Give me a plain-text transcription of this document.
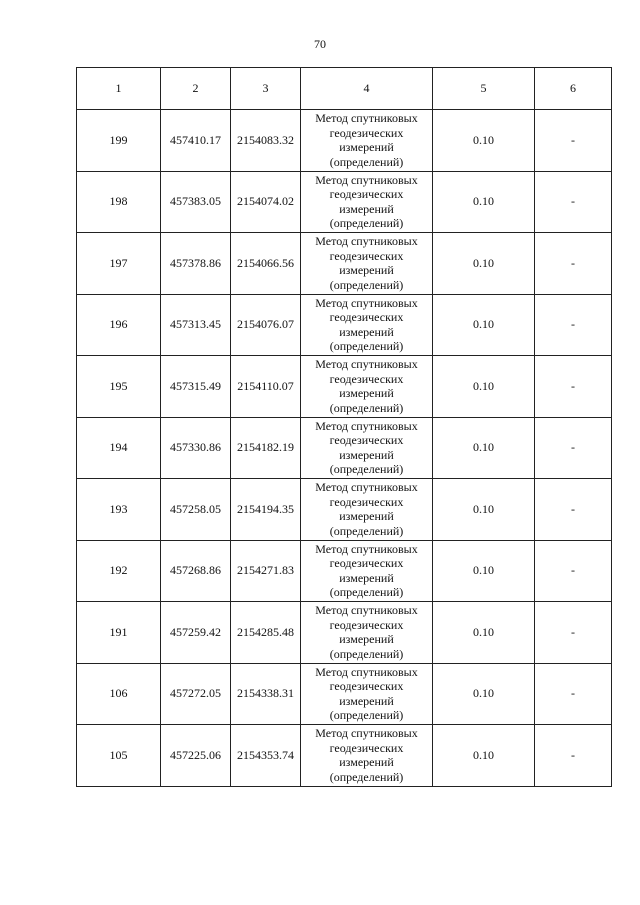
70
1	2	3	4	5	6
199	457410.17	2154083.32	Метод спутниковых
геодезических
измерений
(определений)	0.10	-
198	457383.05	2154074.02	Метод спутниковых
геодезических
измерений
(определений)	0.10	-
197	457378.86	2154066.56	Метод спутниковых
геодезических
измерений
(определений)	0.10	-
196	457313.45	2154076.07	Метод спутниковых
геодезических
измерений
(определений)	0.10	-
195	457315.49	2154110.07	Метод спутниковых
геодезических
измерений
(определений)	0.10	-
194	457330.86	2154182.19	Метод спутниковых
геодезических
измерений
(определений)	0.10	-
193	457258.05	2154194.35	Метод спутниковых
геодезических
измерений
(определений)	0.10	-
192	457268.86	2154271.83	Метод спутниковых
геодезических
измерений
(определений)	0.10	-
191	457259.42	2154285.48	Метод спутниковых
геодезических
измерений
(определений)	0.10	-
106	457272.05	2154338.31	Метод спутниковых
геодезических
измерений
(определений)	0.10	-
105	457225.06	2154353.74	Метод спутниковых
геодезических
измерений
(определений)	0.10	-
